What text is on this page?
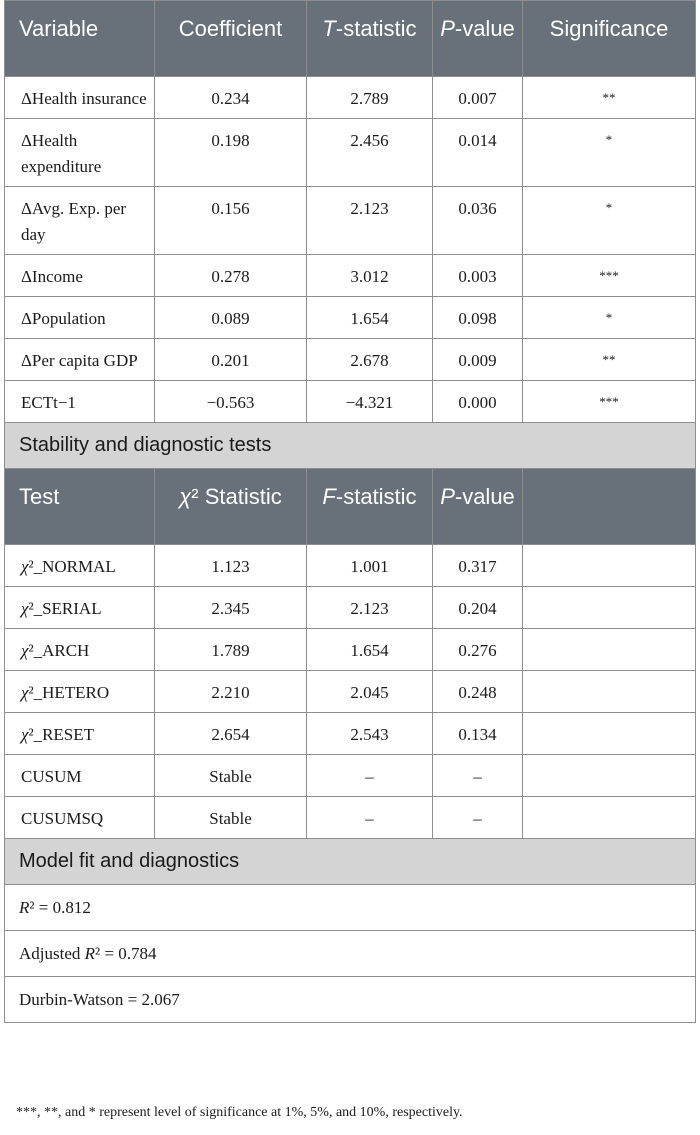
Variable	Coefficient	T-statistic	P-value	Significance
ΔHealth insurance	0.234	2.789	0.007	**
ΔHealth expenditure	0.198	2.456	0.014	*
ΔAvg. Exp. per day	0.156	2.123	0.036	*
ΔIncome	0.278	3.012	0.003	***
ΔPopulation	0.089	1.654	0.098	*
ΔPer capita GDP	0.201	2.678	0.009	**
ECTt−1	−0.563	−4.321	0.000	***
Stability and diagnostic tests				
Test	χ² Statistic	F-statistic	P-value	
χ²_NORMAL	1.123	1.001	0.317	
χ²_SERIAL	2.345	2.123	0.204	
χ²_ARCH	1.789	1.654	0.276	
χ²_HETERO	2.210	2.045	0.248	
χ²_RESET	2.654	2.543	0.134	
CUSUM	Stable	–	–	
CUSUMSQ	Stable	–	–	
Model fit and diagnostics				
R² = 0.812				
Adjusted R² = 0.784				
Durbin-Watson = 2.067				
***, **, and * represent level of significance at 1%, 5%, and 10%, respectively.
